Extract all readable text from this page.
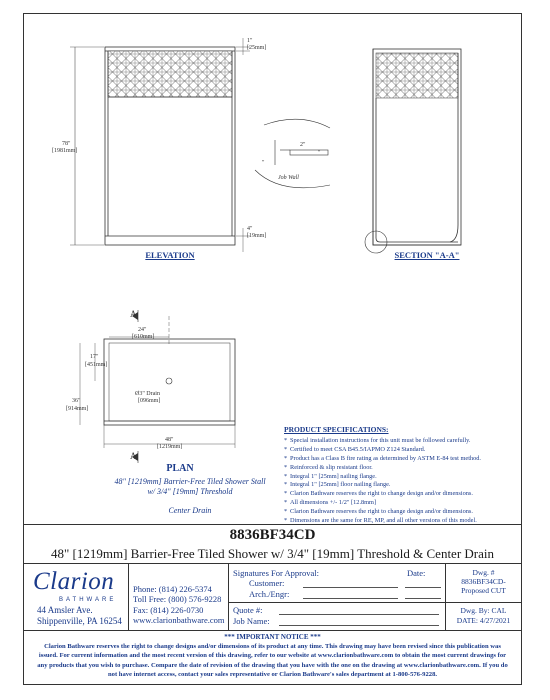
1"
[25mm]
78"
[1981mm]
4"
[19mm]
2"
"
"
Job Wall
A
A
24"
[610mm]
17"
[451mm]
36"
[914mm]
48"
[1219mm]
Ø3" Drain
[096mm]
ELEVATION	SECTION "A-A"
PLAN
48" [1219mm] Barrier-Free Tiled Shower Stall
w/ 3/4" [19mm] Threshold
Center Drain
PRODUCT SPECIFICATIONS:
* Special installation instructions for this unit must be followed carefully.
* Certified to meet CSA B45.5/IAPMO Z124 Standard.
* Product has a Class B fire rating as determined by ASTM E-84 test method.
* Reinforced & slip resistant floor.
* Integral 1" [25mm] nailing flange.
* Integral 1" [25mm] floor nailing flange.
* Clarion Bathware reserves the right to change design and/or dimensions.
* All dimensions +/- 1/2" [12.8mm]
* Clarion Bathware reserves the right to change design and/or dimensions.
* Dimensions are the same for RE, MP, and all other versions of this model.
8836BF34CD
48" [1219mm] Barrier-Free Tiled Shower w/ 3/4" [19mm] Threshold & Center Drain
Clarion
BATHWARE
44 Amsler Ave.
Shippenville, PA 16254
Phone: (814) 226-5374
Toll Free: (800) 576-9228
Fax: (814) 226-0730
www.clarionbathware.com
Signatures For Approval:	Date:
Customer:
Arch./Engr:
Quote #:
Job Name:
Dwg. #
8836BF34CD-
Proposed CUT
Dwg. By: CAL
DATE: 4/27/2021
*** IMPORTANT NOTICE ***
Clarion Bathware reserves the right to change designs and/or dimensions of its product at any time. This drawing may have been revised since this publication was issued. For current information and the most recent version of this drawing, refer to our website at www.clarionbathware.com to obtain the most current drawings for any products that you wish to purchase. Compare the date of revision of the drawing that you have with the one on the drawing at www.clarionbathware.com. If you do not have internet access, contact your sales representative or Clarion Bathware's sales department at 1-800-576-9228.
